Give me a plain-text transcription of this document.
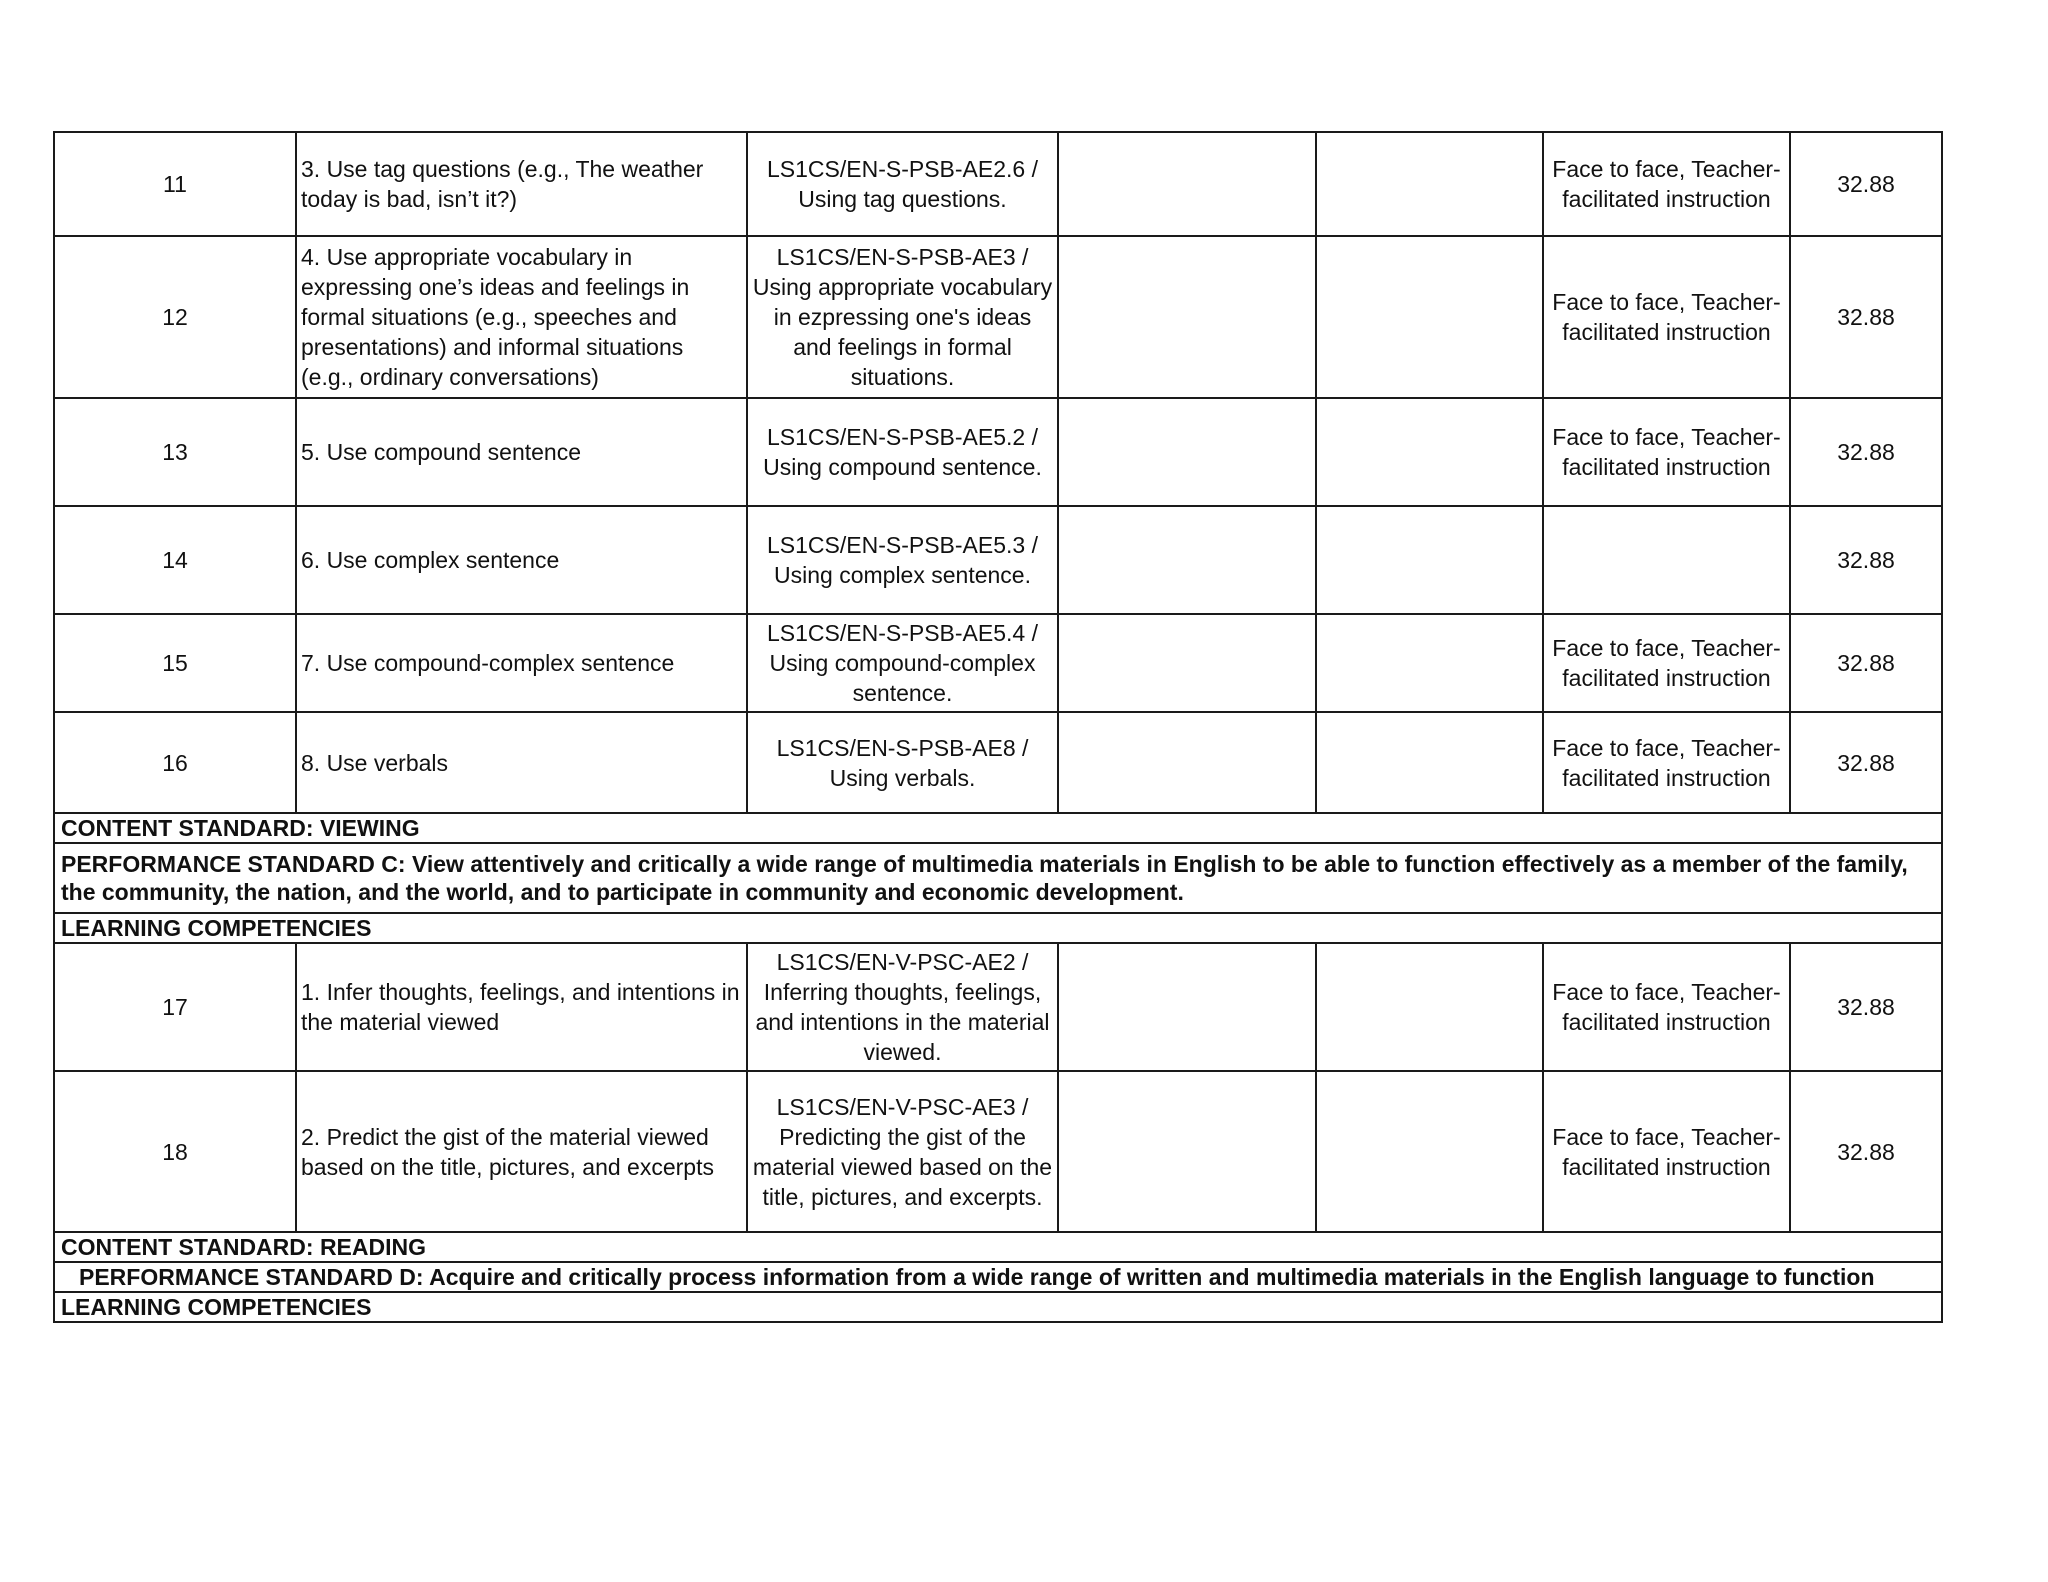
11	3. Use tag questions (e.g., The weather today is bad, isn’t it?)	LS1CS/EN-S-PSB-AE2.6 / Using tag questions.			Face to face, Teacher-facilitated instruction	32.88
12	4. Use appropriate vocabulary in expressing one’s ideas and feelings in formal situations (e.g., speeches and presentations) and informal situations (e.g., ordinary conversations)	LS1CS/EN-S-PSB-AE3 / Using appropriate vocabulary in ezpressing one's ideas and feelings in formal situations.			Face to face, Teacher-facilitated instruction	32.88
13	5. Use compound sentence	LS1CS/EN-S-PSB-AE5.2 / Using compound sentence.			Face to face, Teacher-facilitated instruction	32.88
14	6. Use complex sentence	LS1CS/EN-S-PSB-AE5.3 / Using complex sentence.				32.88
15	7. Use compound-complex sentence	LS1CS/EN-S-PSB-AE5.4 / Using compound-complex sentence.			Face to face, Teacher-facilitated instruction	32.88
16	8. Use verbals	LS1CS/EN-S-PSB-AE8 / Using verbals.			Face to face, Teacher-facilitated instruction	32.88
CONTENT STANDARD: VIEWING						
PERFORMANCE STANDARD C: View attentively and critically a wide range of multimedia materials in English to be able to function effectively as a member of the family, the community, the nation, and the world, and to participate in community and economic development.						
LEARNING COMPETENCIES						
17	1. Infer thoughts, feelings, and intentions in the material viewed	LS1CS/EN-V-PSC-AE2 / Inferring thoughts, feelings, and intentions in the material viewed.			Face to face, Teacher-facilitated instruction	32.88
18	2. Predict the gist of the material viewed based on the title, pictures, and excerpts	LS1CS/EN-V-PSC-AE3 / Predicting the gist of the material viewed based on the title, pictures, and excerpts.			Face to face, Teacher-facilitated instruction	32.88
CONTENT STANDARD: READING						
PERFORMANCE STANDARD D: Acquire and critically process information from a wide range of written and multimedia materials in the English language to function						
LEARNING COMPETENCIES						
